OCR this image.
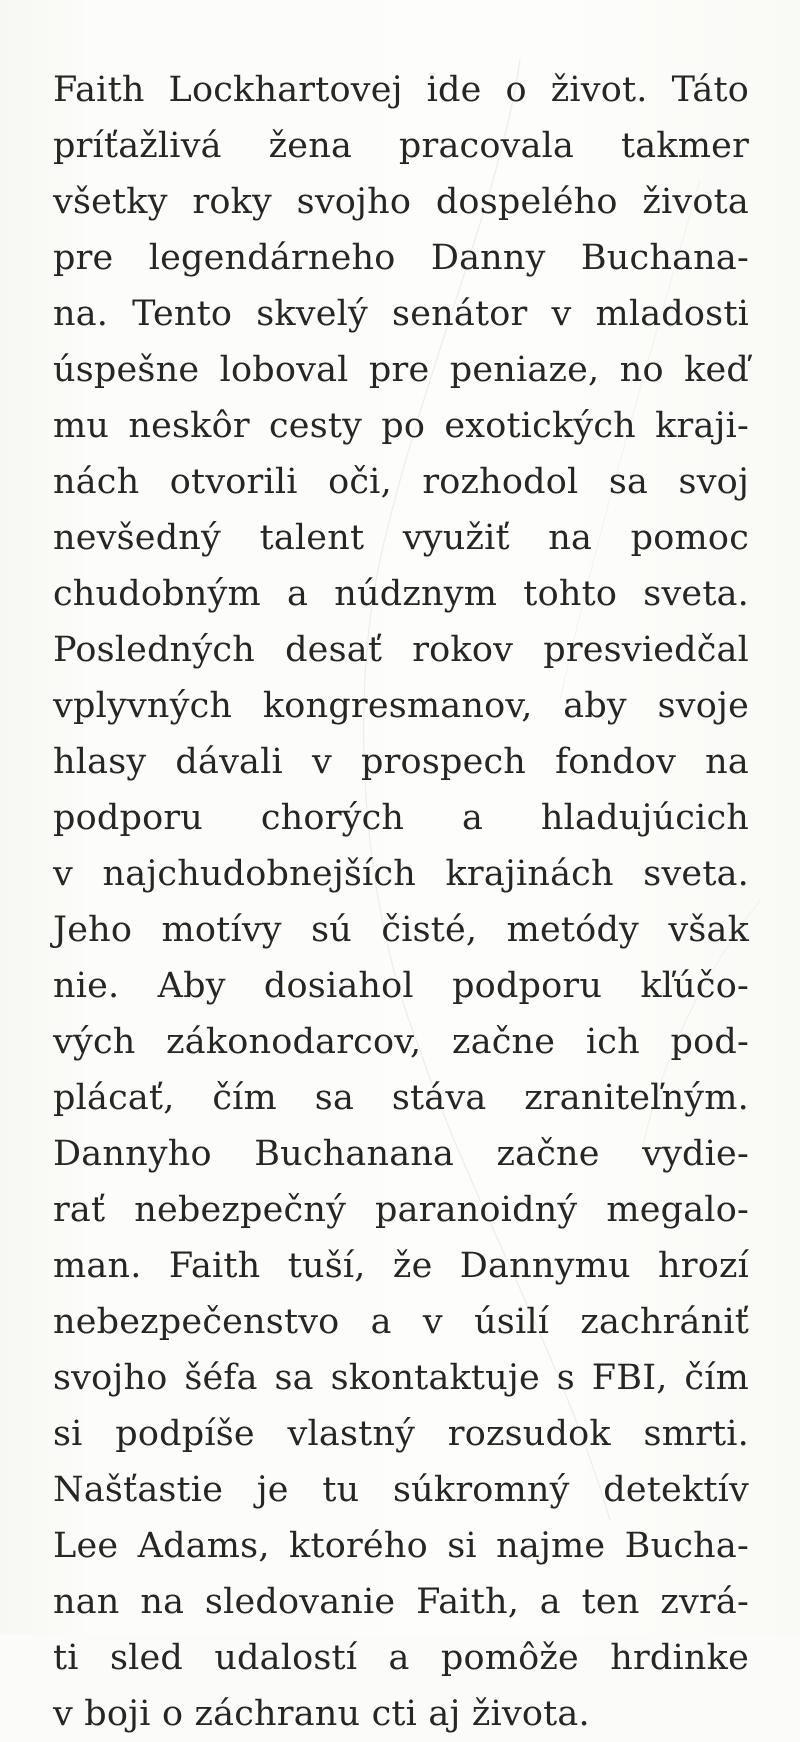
Faith Lockhartovej ide o život. Táto
príťažlivá žena pracovala takmer
všetky roky svojho dospelého života
pre legendárneho Danny Buchana-
na. Tento skvelý senátor v mladosti
úspešne loboval pre peniaze, no keď
mu neskôr cesty po exotických kraji-
nách otvorili oči, rozhodol sa svoj
nevšedný talent využiť na pomoc
chudobným a núdznym tohto sveta.
Posledných desať rokov presviedčal
vplyvných kongresmanov, aby svoje
hlasy dávali v prospech fondov na
podporu chorých a hladujúcich
v najchudobnejších krajinách sveta.
Jeho motívy sú čisté, metódy však
nie. Aby dosiahol podporu kľúčo-
vých zákonodarcov, začne ich pod-
plácať, čím sa stáva zraniteľným.
Dannyho Buchanana začne vydie-
rať nebezpečný paranoidný megalo-
man. Faith tuší, že Dannymu hrozí
nebezpečenstvo a v úsilí zachrániť
svojho šéfa sa skontaktuje s FBI, čím
si podpíše vlastný rozsudok smrti.
Našťastie je tu súkromný detektív
Lee Adams, ktorého si najme Bucha-
nan na sledovanie Faith, a ten zvrá-
ti sled udalostí a pomôže hrdinke
v boji o záchranu cti aj života.
